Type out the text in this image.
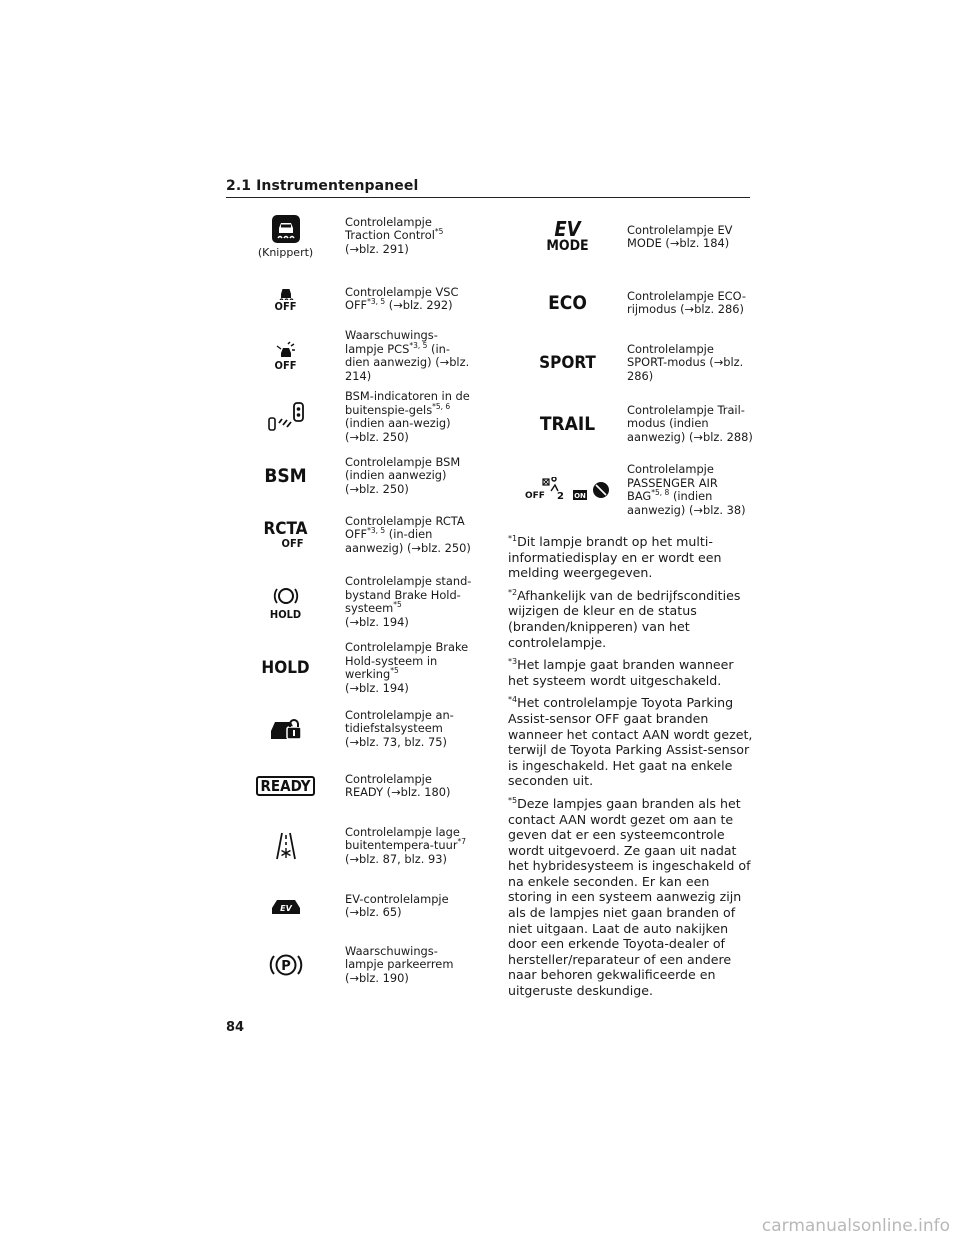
2.1 Instrumentenpaneel
(Knippert)
Controlelampje Traction Control$^{*5}$
(→blz. 291)
OFF
Controlelampje VSC OFF$^{*3, 5}$ (→blz. 292)
OFF
Waarschuwings-lampje PCS$^{*3, 5}$ (in-dien aanwezig) (→blz. 214)
BSM-indicatoren in de buitenspie-gels$^{*5, 6}$ (indien aan-wezig) (→blz. 250)
BSM
Controlelampje BSM (indien aanwezig) (→blz. 250)
RCTA
OFF
Controlelampje RCTA OFF$^{*3, 5}$ (in-dien aanwezig) (→blz. 250)
HOLD
Controlelampje stand-bystand Brake Hold-systeem$^{*5}$
(→blz. 194)
HOLD
Controlelampje Brake Hold-systeem in werking$^{*5}$
(→blz. 194)
Controlelampje an-tidiefstalsysteem (→blz. 73, blz. 75)
READY	Controlelampje READY (→blz. 180)
Controlelampje lage buitentempera-tuur$^{*7}$ (→blz. 87, blz. 93)
EV
EV-controlelampje (→blz. 65)
P
Waarschuwings-lampje parkeerrem (→blz. 190)
EV
MODE
Controlelampje EV MODE (→blz. 184)
ECO	Controlelampje ECO-rijmodus (→blz. 286)
SPORT
Controlelampje SPORT-modus (→blz. 286)
TRAIL
Controlelampje Trail-modus (indien aanwezig) (→blz. 288)
OFF 2 ON
Controlelampje PASSENGER AIR BAG$^{*5, 8}$ (indien aanwezig) (→blz. 38)
$^{*1}$Dit lampje brandt op het multi-informatiedisplay en er wordt een melding weergegeven.
$^{*2}$Afhankelijk van de bedrijfscondities wijzigen de kleur en de status (branden/knipperen) van het controlelampje.
$^{*3}$Het lampje gaat branden wanneer het systeem wordt uitgeschakeld.
$^{*4}$Het controlelampje Toyota Parking Assist-sensor OFF gaat branden wanneer het contact AAN wordt gezet, terwijl de Toyota Parking Assist-sensor is ingeschakeld. Het gaat na enkele seconden uit.
$^{*5}$Deze lampjes gaan branden als het contact AAN wordt gezet om aan te geven dat er een systeemcontrole wordt uitgevoerd. Ze gaan uit nadat het hybridesysteem is ingeschakeld of na enkele seconden. Er kan een storing in een systeem aanwezig zijn als de lampjes niet gaan branden of niet uitgaan. Laat de auto nakijken door een erkende Toyota-dealer of hersteller/reparateur of een andere naar behoren gekwalificeerde en uitgeruste deskundige.
84
carmanualsonline.info
